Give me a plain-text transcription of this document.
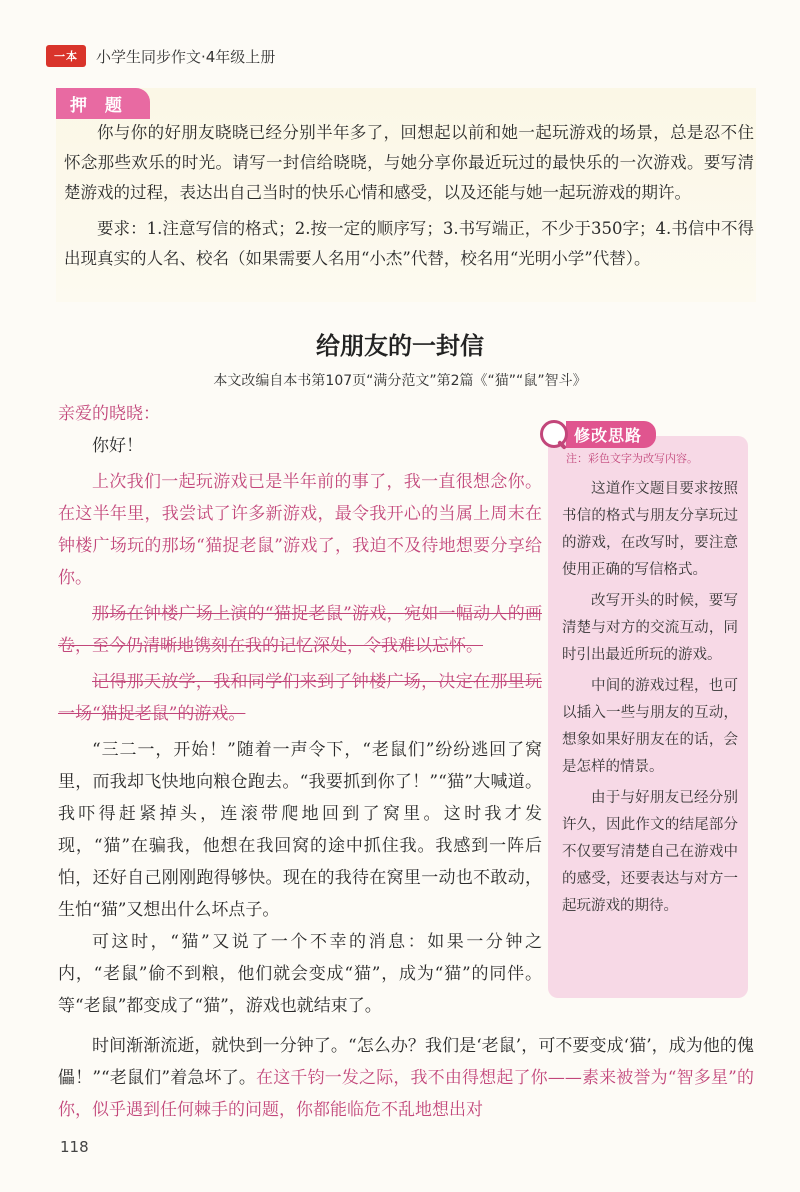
一本	小学生同步作文·4年级上册
押 题

你与你的好朋友晓晓已经分别半年多了，回想起以前和她一起玩游戏的场景，总是忍不住怀念那些欢乐的时光。请写一封信给晓晓，与她分享你最近玩过的最快乐的一次游戏。要写清楚游戏的过程，表达出自己当时的快乐心情和感受，以及还能与她一起玩游戏的期许。

要求：1.注意写信的格式；2.按一定的顺序写；3.书写端正，不少于350字；4.书信中不得出现真实的人名、校名（如果需要人名用“小杰”代替，校名用“光明小学”代替）。

给朋友的一封信
本文改编自本书第107页“满分范文”第2篇《“猫”“鼠”智斗》

亲爱的晓晓：

你好！

上次我们一起玩游戏已是半年前的事了，我一直很想念你。在这半年里，我尝试了许多新游戏，最令我开心的当属上周末在钟楼广场玩的那场“猫捉老鼠”游戏了，我迫不及待地想要分享给你。

那场在钟楼广场上演的“猫捉老鼠”游戏，宛如一幅动人的画卷，至今仍清晰地镌刻在我的记忆深处，令我难以忘怀。

记得那天放学，我和同学们来到了钟楼广场，决定在那里玩一场“猫捉老鼠”的游戏。

“三二一，开始！”随着一声令下，“老鼠们”纷纷逃回了窝里，而我却飞快地向粮仓跑去。“我要抓到你了！”“猫”大喊道。我吓得赶紧掉头，连滚带爬地回到了窝里。这时我才发现，“猫”在骗我，他想在我回窝的途中抓住我。我感到一阵后怕，还好自己刚刚跑得够快。现在的我待在窝里一动也不敢动，生怕“猫”又想出什么坏点子。

可这时，“猫”又说了一个不幸的消息：如果一分钟之内，“老鼠”偷不到粮，他们就会变成“猫”，成为“猫”的同伴。等“老鼠”都变成了“猫”，游戏也就结束了。

时间渐渐流逝，就快到一分钟了。“怎么办？我们是‘老鼠’，可不要变成‘猫’，成为他的傀儡！”“老鼠们”着急坏了。在这千钧一发之际，我不由得想起了你——素来被誉为“智多星”的你，似乎遇到任何棘手的问题，你都能临危不乱地想出对

修改思路
注：彩色文字为改写内容。

这道作文题目要求按照书信的格式与朋友分享玩过的游戏，在改写时，要注意使用正确的写信格式。

改写开头的时候，要写清楚与对方的交流互动，同时引出最近所玩的游戏。

中间的游戏过程，也可以插入一些与朋友的互动，想象如果好朋友在的话，会是怎样的情景。

由于与好朋友已经分别许久，因此作文的结尾部分不仅要写清楚自己在游戏中的感受，还要表达与对方一起玩游戏的期待。

118
